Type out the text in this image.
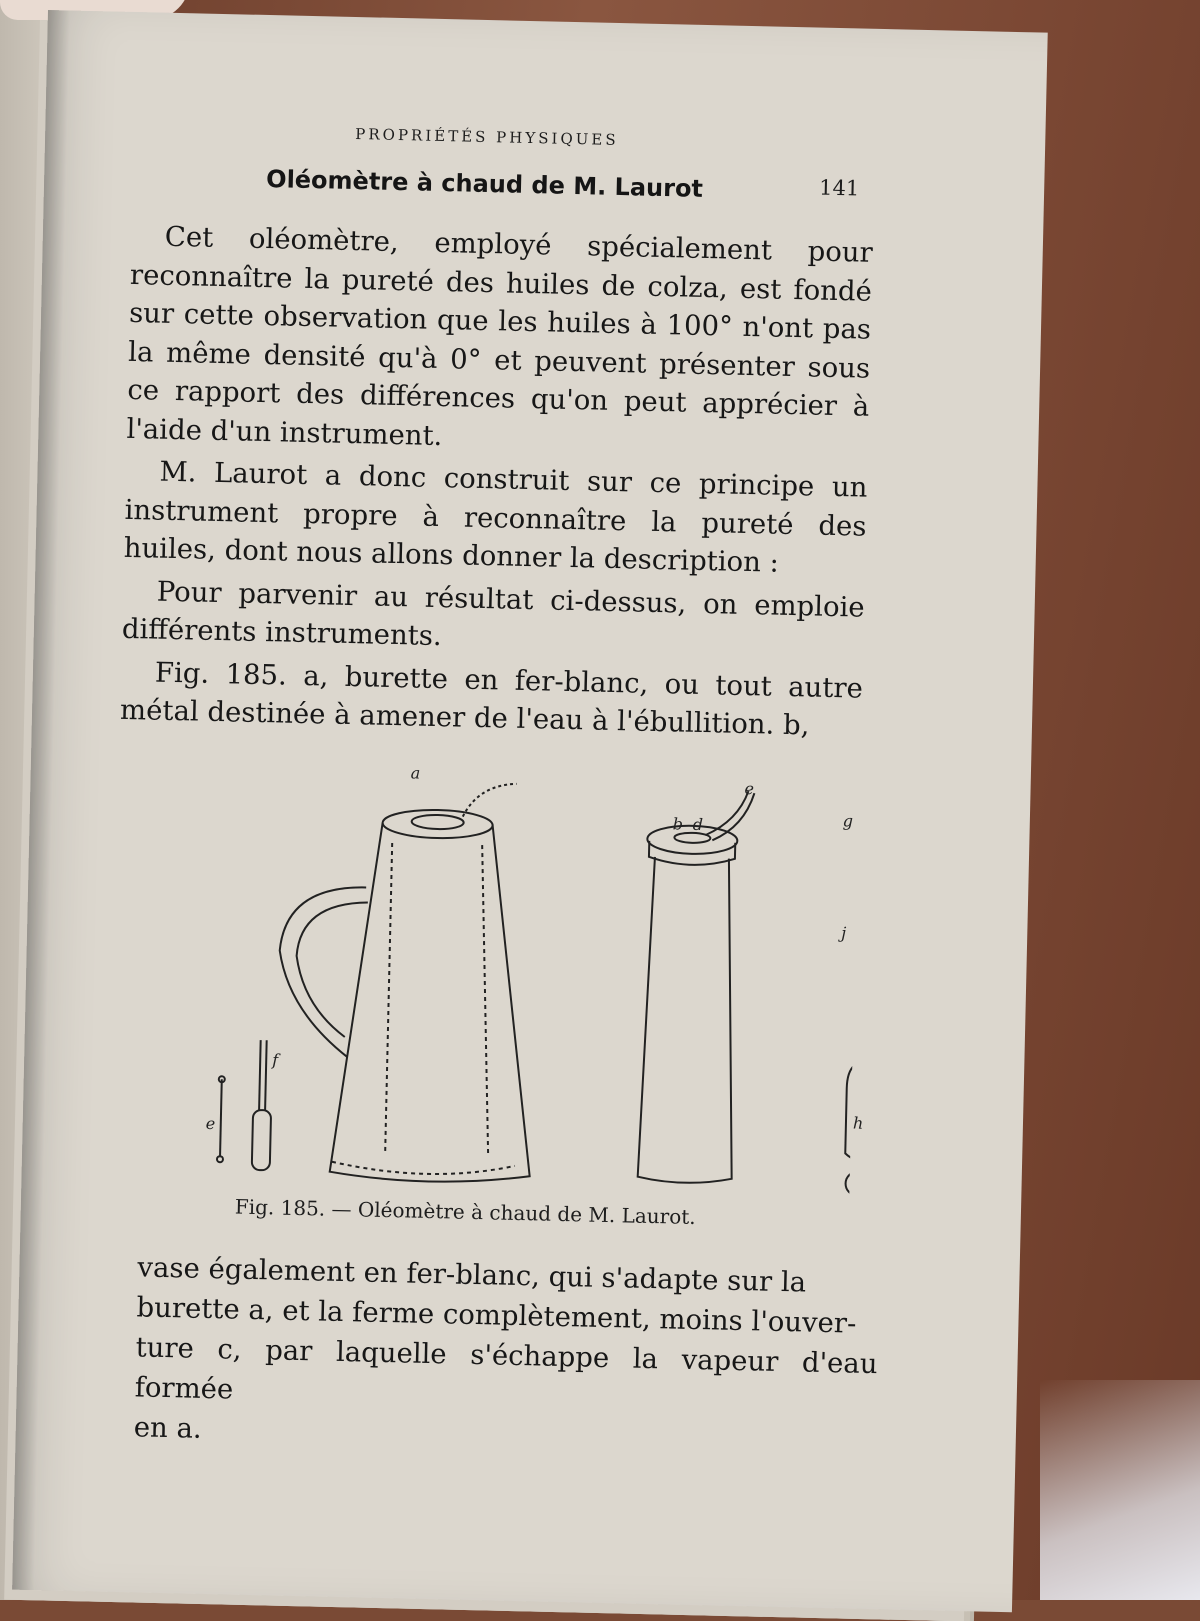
PROPRIÉTÉS PHYSIQUES
141
Oléomètre à chaud de M. Laurot

Cet oléomètre, employé spécialement pour reconnaître la pureté des huiles de colza, est fondé sur cette observation que les huiles à 100° n'ont pas la même densité qu'à 0° et peuvent présenter sous ce rapport des différences qu'on peut apprécier à l'aide d'un instrument.

M. Laurot a donc construit sur ce principe un instrument propre à reconnaître la pureté des huiles, dont nous allons donner la description :

Pour parvenir au résultat ci-dessus, on emploie différents instruments.

Fig. 185. a, burette en fer-blanc, ou tout autre métal destinée à amener de l'eau à l'ébullition. b,

a
b d
e
g
j
h
f
e
Fig. 185. — Oléomètre à chaud de M. Laurot.

vase également en fer-blanc, qui s'adapte sur la

burette a, et la ferme complètement, moins l'ouver-

ture c, par laquelle s'échappe la vapeur d'eau formée

en a.
